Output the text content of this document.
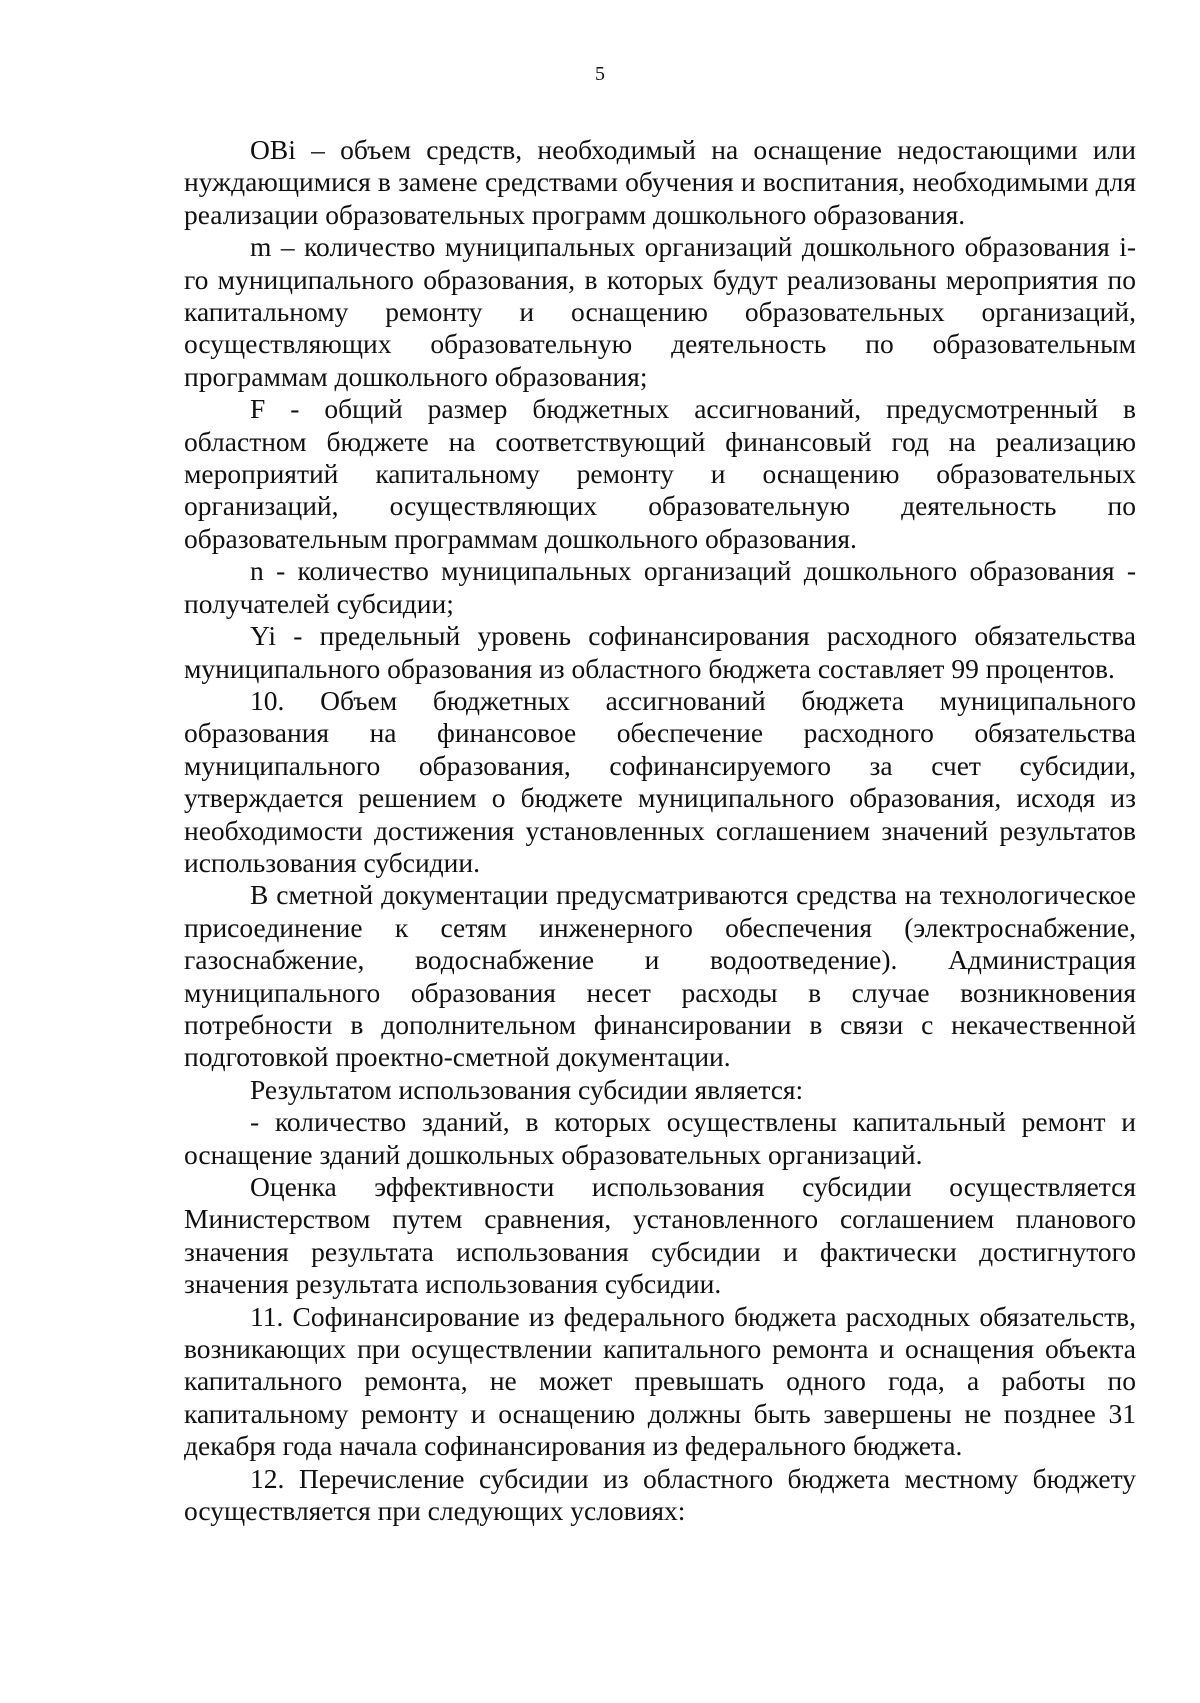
5

OBi – объем средств, необходимый на оснащение недостающими или нуждающимися в замене средствами обучения и воспитания, необходимыми для реализации образовательных программ дошкольного образования.

m – количество муниципальных организаций дошкольного образования i-го муниципального образования, в которых будут реализованы мероприятия по капитальному ремонту и оснащению образовательных организаций, осуществляющих образовательную деятельность по образовательным программам дошкольного образования;

F - общий размер бюджетных ассигнований, предусмотренный в областном бюджете на соответствующий финансовый год на реализацию мероприятий капитальному ремонту и оснащению образовательных организаций, осуществляющих образовательную деятельность по образовательным программам дошкольного образования.

n - количество муниципальных организаций дошкольного образования - получателей субсидии;

Yi - предельный уровень софинансирования расходного обязательства муниципального образования из областного бюджета составляет 99 процентов.

10. Объем бюджетных ассигнований бюджета муниципального образования на финансовое обеспечение расходного обязательства муниципального образования, софинансируемого за счет субсидии, утверждается решением о бюджете муниципального образования, исходя из необходимости достижения установленных соглашением значений результатов использования субсидии.

В сметной документации предусматриваются средства на технологическое присоединение к сетям инженерного обеспечения (электроснабжение, газоснабжение, водоснабжение и водоотведение). Администрация муниципального образования несет расходы в случае возникновения потребности в дополнительном финансировании в связи с некачественной подготовкой проектно-сметной документации.

Результатом использования субсидии является:

- количество зданий, в которых осуществлены капитальный ремонт и оснащение зданий дошкольных образовательных организаций.

Оценка эффективности использования субсидии осуществляется Министерством путем сравнения, установленного соглашением планового значения результата использования субсидии и фактически достигнутого значения результата использования субсидии.

11. Софинансирование из федерального бюджета расходных обязательств, возникающих при осуществлении капитального ремонта и оснащения объекта капитального ремонта, не может превышать одного года, а работы по капитальному ремонту и оснащению должны быть завершены не позднее 31 декабря года начала софинансирования из федерального бюджета.

12. Перечисление субсидии из областного бюджета местному бюджету осуществляется при следующих условиях:
